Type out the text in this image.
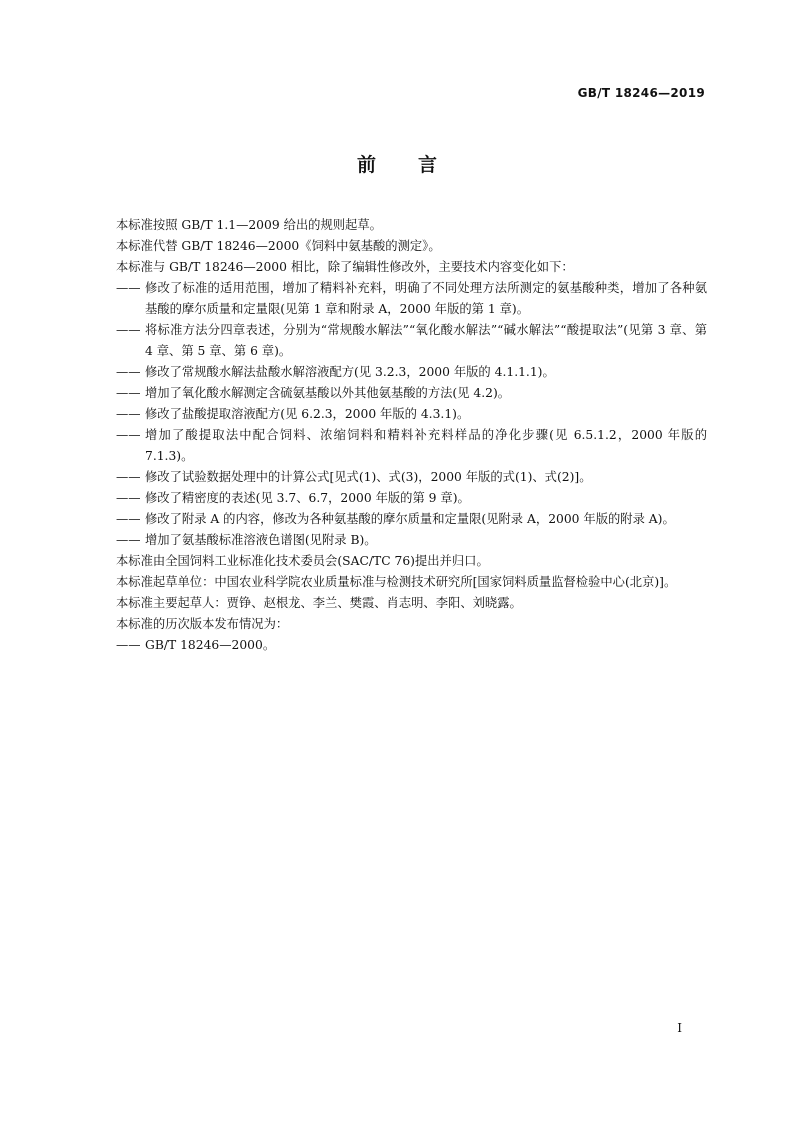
GB/T 18246—2019
前言
本标准按照 GB/T 1.1—2009 给出的规则起草。
本标准代替 GB/T 18246—2000《饲料中氨基酸的测定》。
本标准与 GB/T 18246—2000 相比，除了编辑性修改外，主要技术内容变化如下：
—— 修改了标准的适用范围，增加了精料补充料，明确了不同处理方法所测定的氨基酸种类，增加了各种氨基酸的摩尔质量和定量限(见第 1 章和附录 A，2000 年版的第 1 章)。
—— 将标准方法分四章表述，分别为“常规酸水解法”“氧化酸水解法”“碱水解法”“酸提取法”(见第 3 章、第 4 章、第 5 章、第 6 章)。
—— 修改了常规酸水解法盐酸水解溶液配方(见 3.2.3，2000 年版的 4.1.1.1)。
—— 增加了氧化酸水解测定含硫氨基酸以外其他氨基酸的方法(见 4.2)。
—— 修改了盐酸提取溶液配方(见 6.2.3，2000 年版的 4.3.1)。
—— 增加了酸提取法中配合饲料、浓缩饲料和精料补充料样品的净化步骤(见 6.5.1.2，2000 年版的 7.1.3)。
—— 修改了试验数据处理中的计算公式[见式(1)、式(3)，2000 年版的式(1)、式(2)]。
—— 修改了精密度的表述(见 3.7、6.7，2000 年版的第 9 章)。
—— 修改了附录 A 的内容，修改为各种氨基酸的摩尔质量和定量限(见附录 A，2000 年版的附录 A)。
—— 增加了氨基酸标准溶液色谱图(见附录 B)。
本标准由全国饲料工业标准化技术委员会(SAC/TC 76)提出并归口。
本标准起草单位：中国农业科学院农业质量标准与检测技术研究所[国家饲料质量监督检验中心(北京)]。
本标准主要起草人：贾铮、赵根龙、李兰、樊霞、肖志明、李阳、刘晓露。
本标准的历次版本发布情况为：
—— GB/T 18246—2000。
I
